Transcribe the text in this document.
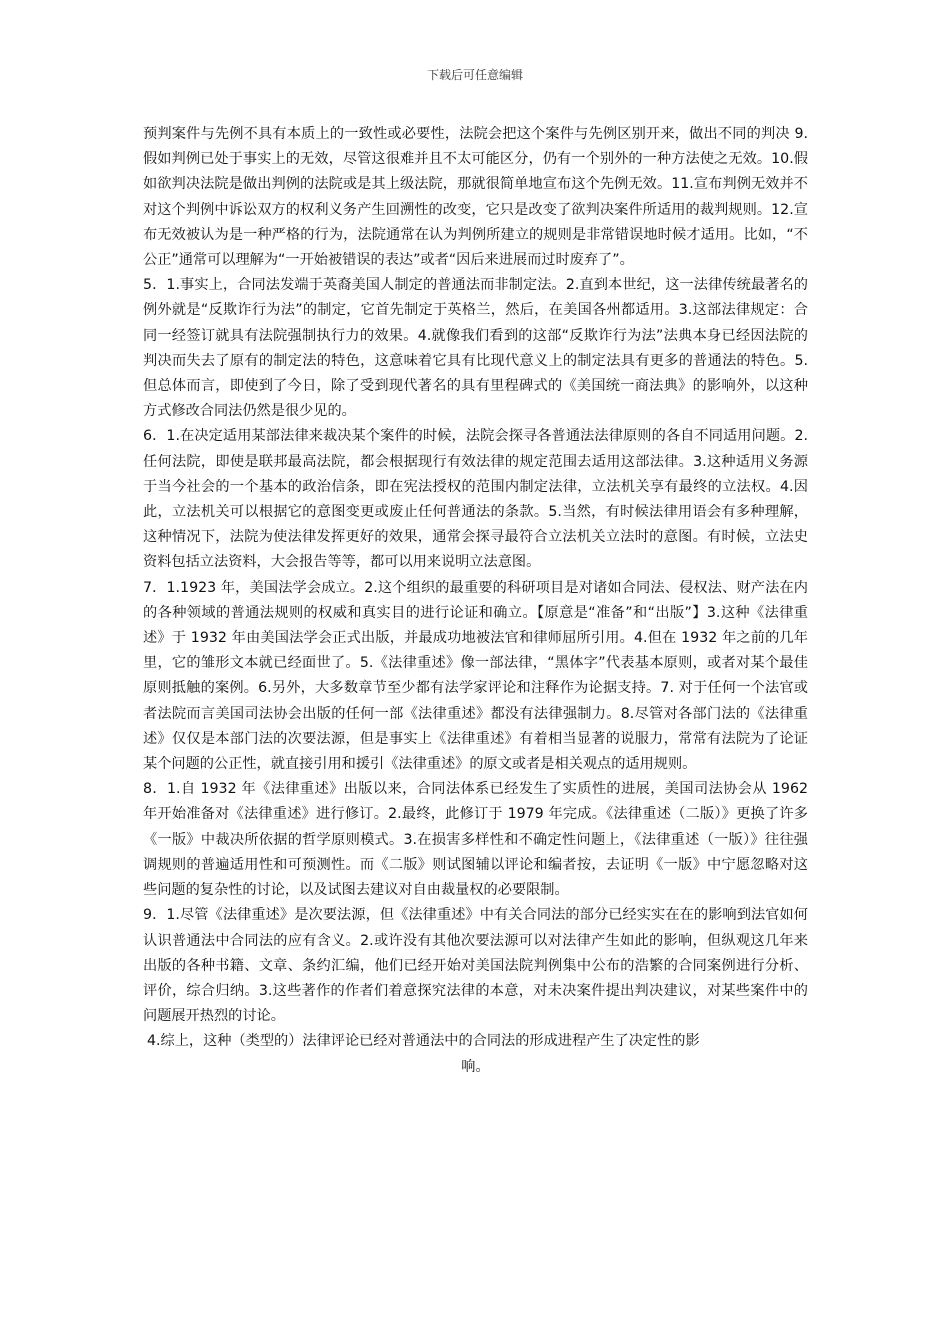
下载后可任意编辑

预判案件与先例不具有本质上的一致性或必要性，法院会把这个案件与先例区别开来，做出不同的判决 9.假如判例已处于事实上的无效，尽管这很难并且不太可能区分，仍有一个别外的一种方法使之无效。10.假如欲判决法院是做出判例的法院或是其上级法院，那就很简单地宣布这个先例无效。11.宣布判例无效并不对这个判例中诉讼双方的权利义务产生回溯性的改变，它只是改变了欲判决案件所适用的裁判规则。12.宣布无效被认为是一种严格的行为，法院通常在认为判例所建立的规则是非常错误地时候才适用。比如，“不公正”通常可以理解为“一开始被错误的表达”或者“因后来进展而过时废弃了”。

5．1.事实上，合同法发端于英裔美国人制定的普通法而非制定法。2.直到本世纪，这一法律传统最著名的例外就是“反欺诈行为法”的制定，它首先制定于英格兰，然后，在美国各州都适用。3.这部法律规定：合同一经签订就具有法院强制执行力的效果。4.就像我们看到的这部“反欺诈行为法”法典本身已经因法院的判决而失去了原有的制定法的特色，这意味着它具有比现代意义上的制定法具有更多的普通法的特色。5.但总体而言，即使到了今日，除了受到现代著名的具有里程碑式的《美国统一商法典》的影响外，以这种方式修改合同法仍然是很少见的。

6．1.在决定适用某部法律来裁决某个案件的时候，法院会探寻各普通法法律原则的各自不同适用问题。2.任何法院，即使是联邦最高法院，都会根据现行有效法律的规定范围去适用这部法律。3.这种适用义务源于当今社会的一个基本的政治信条，即在宪法授权的范围内制定法律，立法机关享有最终的立法权。4.因此，立法机关可以根据它的意图变更或废止任何普通法的条款。5.当然，有时候法律用语会有多种理解，这种情况下，法院为使法律发挥更好的效果，通常会探寻最符合立法机关立法时的意图。有时候，立法史资料包括立法资料，大会报告等等，都可以用来说明立法意图。

7．1.1923 年，美国法学会成立。2.这个组织的最重要的科研项目是对诸如合同法、侵权法、财产法在内的各种领域的普通法规则的权威和真实目的进行论证和确立。【原意是“准备”和“出版”】3.这种《法律重述》于 1932 年由美国法学会正式出版，并最成功地被法官和律师屈所引用。4.但在 1932 年之前的几年里，它的雏形文本就已经面世了。5.《法律重述》像一部法律，“黑体字”代表基本原则，或者对某个最佳原则抵触的案例。6.另外，大多数章节至少都有法学家评论和注释作为论据支持。7. 对于任何一个法官或者法院而言美国司法协会出版的任何一部《法律重述》都没有法律强制力。8.尽管对各部门法的《法律重述》仅仅是本部门法的次要法源，但是事实上《法律重述》有着相当显著的说服力，常常有法院为了论证某个问题的公正性，就直接引用和援引《法律重述》的原文或者是相关观点的适用规则。

8．1.自 1932 年《法律重述》出版以来，合同法体系已经发生了实质性的进展，美国司法协会从 1962 年开始准备对《法律重述》进行修订。2.最终，此修订于 1979 年完成。《法律重述（二版）》更换了许多《一版》中裁决所依据的哲学原则模式。3.在损害多样性和不确定性问题上，《法律重述（一版）》往往强调规则的普遍适用性和可预测性。而《二版》则试图辅以评论和编者按，去证明《一版》中宁愿忽略对这些问题的复杂性的讨论，以及试图去建议对自由裁量权的必要限制。

9．1.尽管《法律重述》是次要法源，但《法律重述》中有关合同法的部分已经实实在在的影响到法官如何认识普通法中合同法的应有含义。2.或许没有其他次要法源可以对法律产生如此的影响，但纵观这几年来出版的各种书籍、文章、条约汇编，他们已经开始对美国法院判例集中公布的浩繁的合同案例进行分析、评价，综合归纳。3.这些著作的作者们着意探究法律的本意，对未决案件提出判决建议，对某些案件中的问题展开热烈的讨论。

4.综上，这种（类型的）法律评论已经对普通法中的合同法的形成进程产生了决定性的影

响。
